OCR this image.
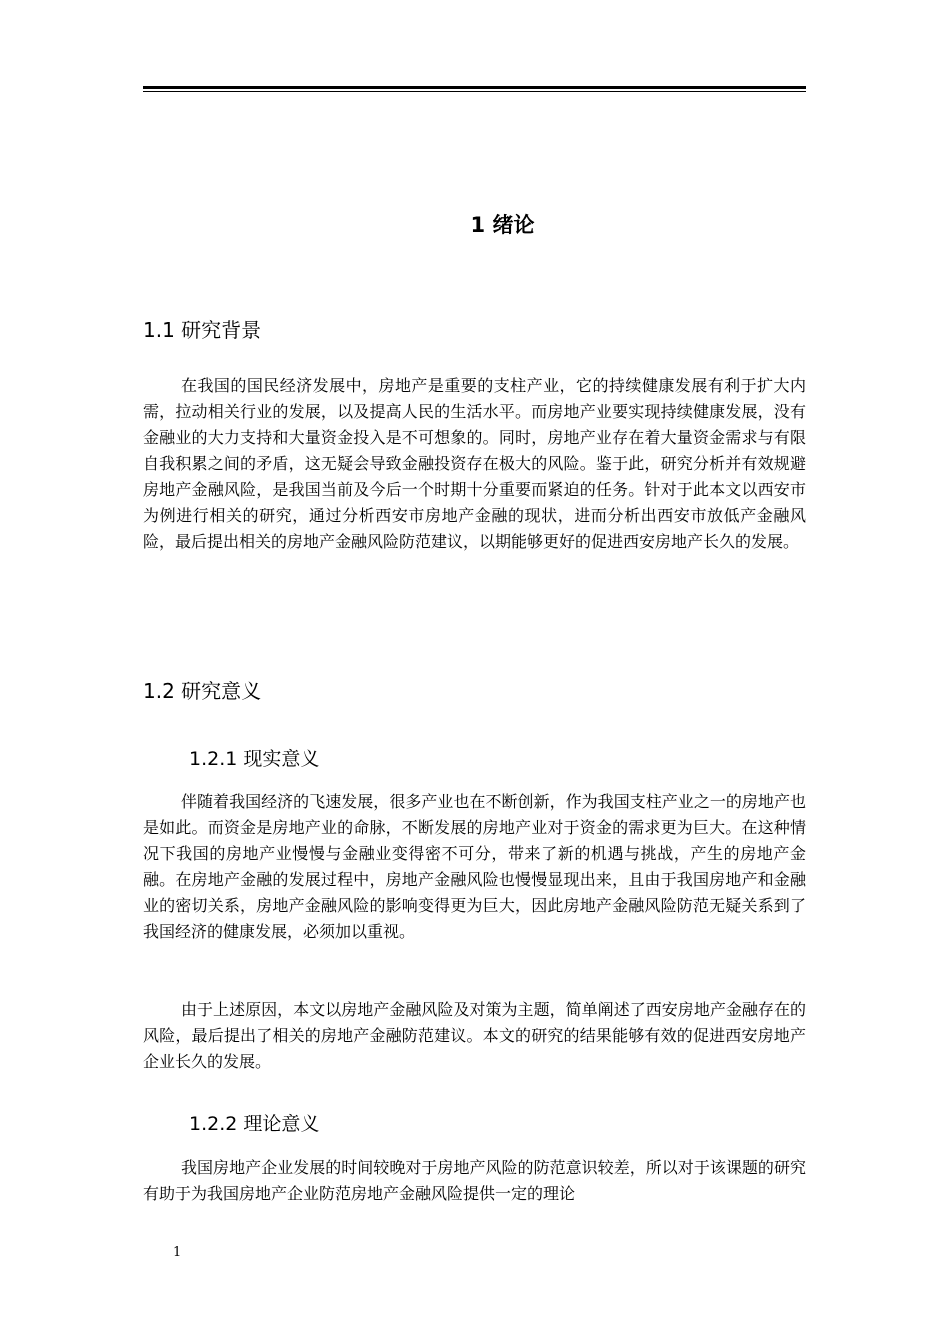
1 绪论
1.1 研究背景

在我国的国民经济发展中，房地产是重要的支柱产业，它的持续健康发展有利于扩大内需，拉动相关行业的发展，以及提高人民的生活水平。而房地产业要实现持续健康发展，没有金融业的大力支持和大量资金投入是不可想象的。同时，房地产业存在着大量资金需求与有限自我积累之间的矛盾，这无疑会导致金融投资存在极大的风险。鉴于此，研究分析并有效规避房地产金融风险，是我国当前及今后一个时期十分重要而紧迫的任务。针对于此本文以西安市为例进行相关的研究，通过分析西安市房地产金融的现状，进而分析出西安市放低产金融风险，最后提出相关的房地产金融风险防范建议，以期能够更好的促进西安房地产长久的发展。

1.2 研究意义
1.2.1 现实意义

伴随着我国经济的飞速发展，很多产业也在不断创新，作为我国支柱产业之一的房地产也是如此。而资金是房地产业的命脉，不断发展的房地产业对于资金的需求更为巨大。在这种情况下我国的房地产业慢慢与金融业变得密不可分，带来了新的机遇与挑战，产生的房地产金融。在房地产金融的发展过程中，房地产金融风险也慢慢显现出来，且由于我国房地产和金融业的密切关系，房地产金融风险的影响变得更为巨大，因此房地产金融风险防范无疑关系到了我国经济的健康发展，必须加以重视。

由于上述原因，本文以房地产金融风险及对策为主题，简单阐述了西安房地产金融存在的风险，最后提出了相关的房地产金融防范建议。本文的研究的结果能够有效的促进西安房地产企业长久的发展。

1.2.2 理论意义

我国房地产企业发展的时间较晚对于房地产风险的防范意识较差，所以对于该课题的研究有助于为我国房地产企业防范房地产金融风险提供一定的理论

1
